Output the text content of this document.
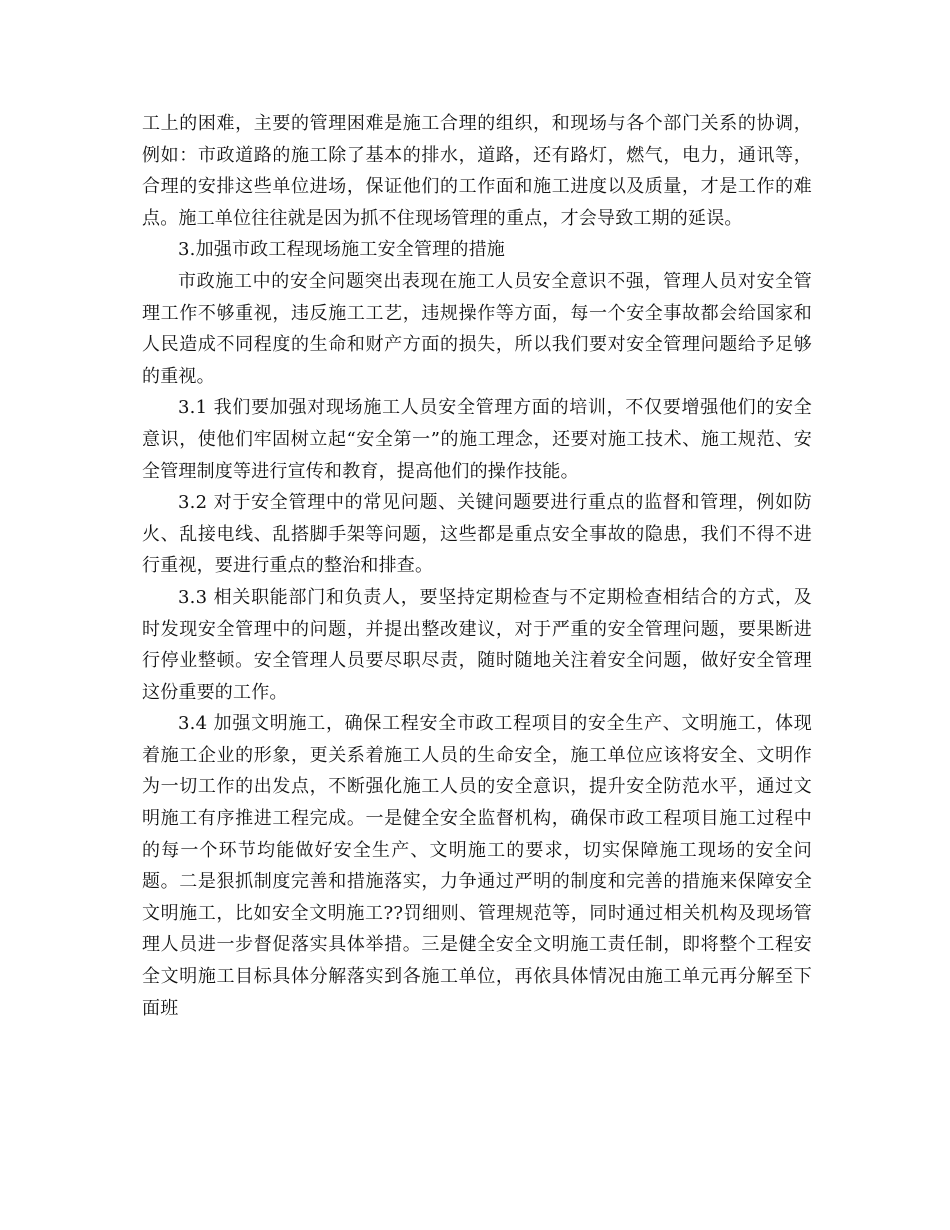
工上的困难，主要的管理困难是施工合理的组织，和现场与各个部门关系的协调，例如：市政道路的施工除了基本的排水，道路，还有路灯，燃气，电力，通讯等，合理的安排这些单位进场，保证他们的工作面和施工进度以及质量，才是工作的难点。施工单位往往就是因为抓不住现场管理的重点，才会导致工期的延误。

3.加强市政工程现场施工安全管理的措施

市政施工中的安全问题突出表现在施工人员安全意识不强，管理人员对安全管理工作不够重视，违反施工工艺，违规操作等方面，每一个安全事故都会给国家和人民造成不同程度的生命和财产方面的损失，所以我们要对安全管理问题给予足够的重视。

3.1 我们要加强对现场施工人员安全管理方面的培训，不仅要增强他们的安全意识，使他们牢固树立起“安全第一”的施工理念，还要对施工技术、施工规范、安全管理制度等进行宣传和教育，提高他们的操作技能。

3.2 对于安全管理中的常见问题、关键问题要进行重点的监督和管理，例如防火、乱接电线、乱搭脚手架等问题，这些都是重点安全事故的隐患，我们不得不进行重视，要进行重点的整治和排查。

3.3 相关职能部门和负责人，要坚持定期检查与不定期检查相结合的方式，及时发现安全管理中的问题，并提出整改建议，对于严重的安全管理问题，要果断进行停业整顿。安全管理人员要尽职尽责，随时随地关注着安全问题，做好安全管理这份重要的工作。

3.4 加强文明施工，确保工程安全市政工程项目的安全生产、文明施工，体现着施工企业的形象，更关系着施工人员的生命安全，施工单位应该将安全、文明作为一切工作的出发点，不断强化施工人员的安全意识，提升安全防范水平，通过文明施工有序推进工程完成。一是健全安全监督机构，确保市政工程项目施工过程中的每一个环节均能做好安全生产、文明施工的要求，切实保障施工现场的安全问题。二是狠抓制度完善和措施落实，力争通过严明的制度和完善的措施来保障安全文明施工，比如安全文明施工??罚细则、管理规范等，同时通过相关机构及现场管理人员进一步督促落实具体举措。三是健全安全文明施工责任制，即将整个工程安全文明施工目标具体分解落实到各施工单位，再依具体情况由施工单元再分解至下面班
